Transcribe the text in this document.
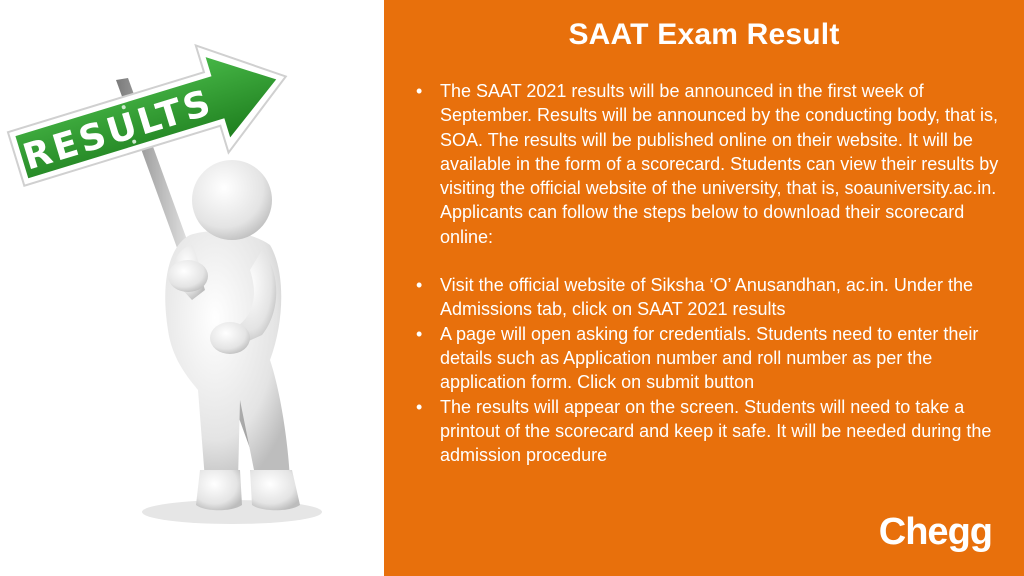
RESULTS
SAAT Exam Result
• The SAAT 2021 results will be announced in the first week of September. Results will be announced by the conducting body, that is, SOA. The results will be published online on their website. It will be available in the form of a scorecard. Students can view their results by visiting the official website of the university, that is, soauniversity.ac.in. Applicants can follow the steps below to download their scorecard online:
• Visit the official website of Siksha ‘O’ Anusandhan, ac.in. Under the Admissions tab, click on SAAT 2021 results
• A page will open asking for credentials. Students need to enter their details such as Application number and roll number as per the application form. Click on submit button
• The results will appear on the screen. Students will need to take a printout of the scorecard and keep it safe. It will be needed during the admission procedure
Chegg
